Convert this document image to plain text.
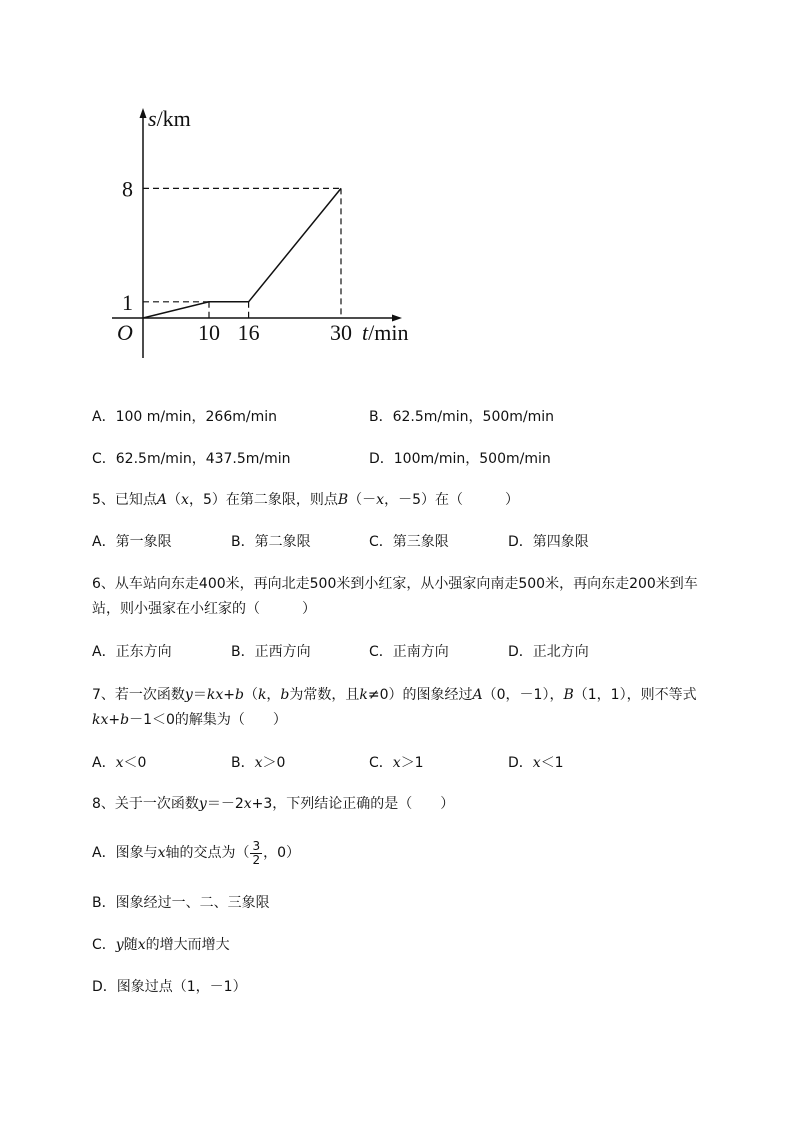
s/km
t/min
O
8
1
10 16	30
A．100 m/min，266m/min	B．62.5m/min，500m/min
C．62.5m/min，437.5m/min	D．100m/min，500m/min
5、已知点A（x，5）在第二象限，则点B（－x，－5）在（　　　）
A．第一象限	B．第二象限	C．第三象限	D．第四象限
6、从车站向东走400米，再向北走500米到小红家，从小强家向南走500米，再向东走200米到车
站，则小强家在小红家的（　　　）
A．正东方向	B．正西方向	C．正南方向	D．正北方向
7、若一次函数y＝kx+b（k，b为常数，且k≠0）的图象经过A（0，－1），B（1，1），则不等式
kx+b－1＜0的解集为（　　）
A．x＜0	B．x＞0	C．x＞1	D．x＜1
8、关于一次函数y＝－2x+3，下列结论正确的是（　　）
A．图象与x轴的交点为（ $\frac{3}{2}$ ，0）
B．图象经过一、二、三象限
C．y随x的增大而增大
D．图象过点（1，－1）
